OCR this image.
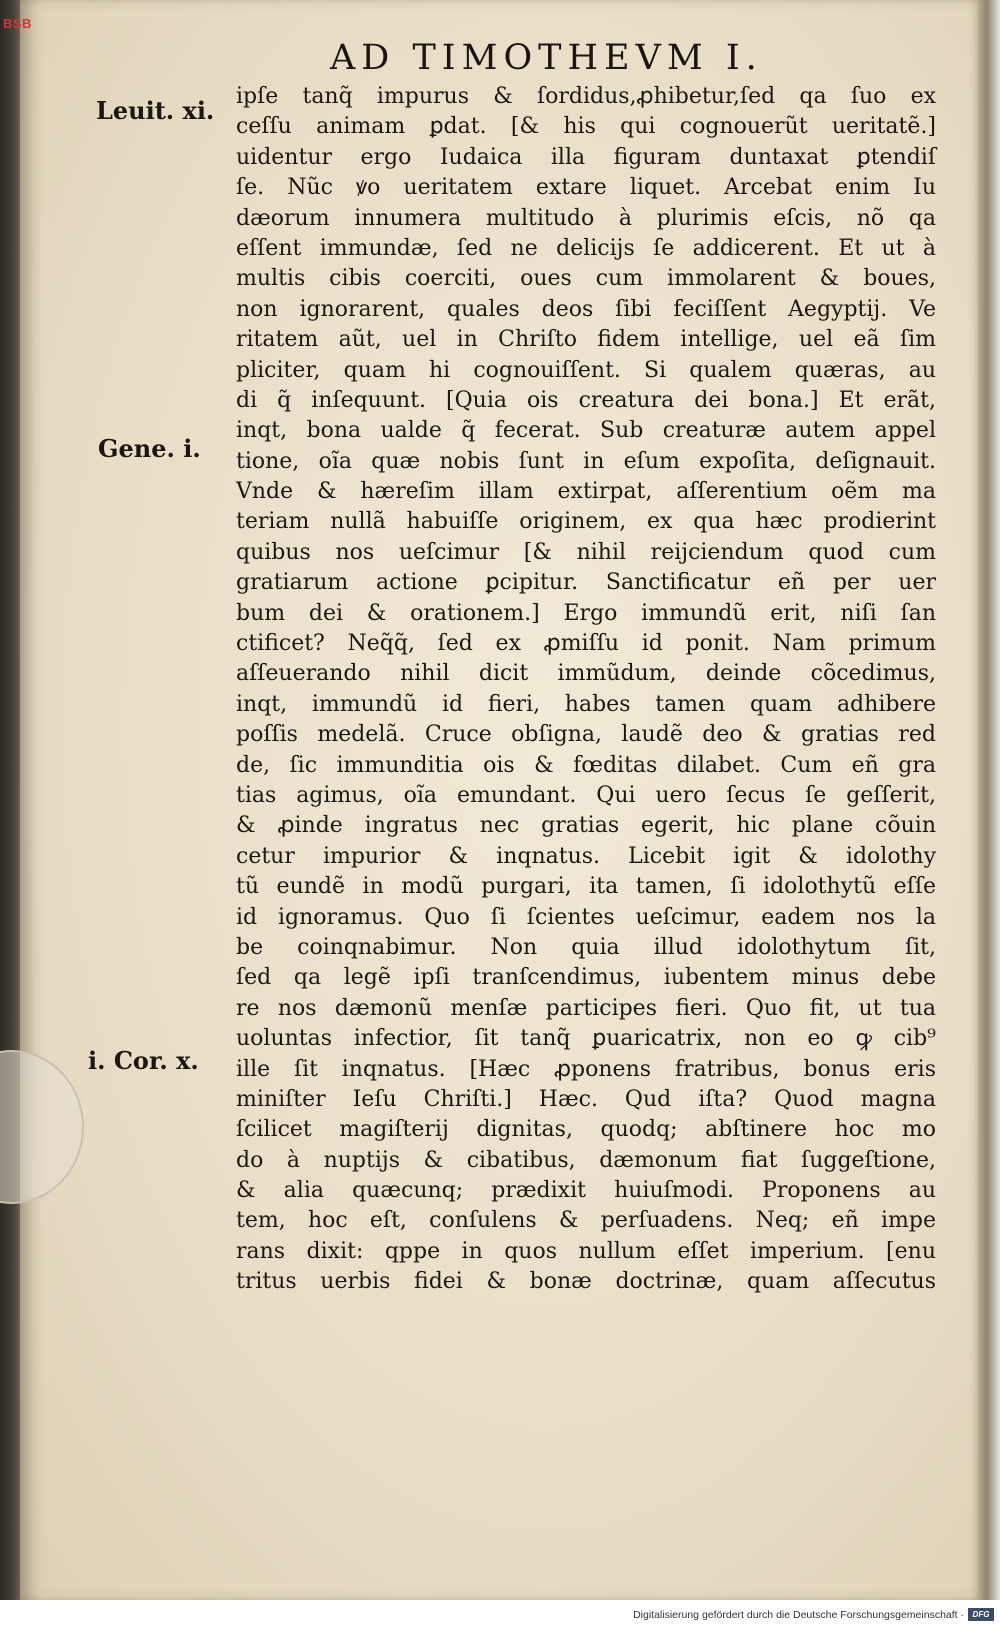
BSB
AD TIMOTHEVM I.
Leuit. xi.
Gene. i.
i. Cor. x.
ipſe tanq̃ impurus & ſordidus,ꝓhibetur,ſed qa ſuo ex
ceſſu animam ꝑdat. [& his qui cognouerũt ueritatẽ.]
uidentur ergo Iudaica illa figuram duntaxat ꝑtendiſ
ſe. Nũc ꝟo ueritatem extare liquet. Arcebat enim Iu
dæorum innumera multitudo à plurimis eſcis, nõ qa
eſſent immundæ, ſed ne delicijs ſe addicerent. Et ut à
multis cibis coerciti, oues cum immolarent & boues,
non ignorarent, quales deos ſibi feciſſent Aegyptij. Ve
ritatem aũt, uel in Chriſto fidem intellige, uel eã ſim
pliciter, quam hi cognouiſſent. Si qualem quæras, au
di q̃ inſequunt. [Quia ois creatura dei bona.] Et erãt,
inqt, bona ualde q̃ fecerat. Sub creaturæ autem appel
tione, oĩa quæ nobis ſunt in eſum expoſita, deſignauit.
Vnde & hæreſim illam extirpat, aſſerentium oẽm ma
teriam nullã habuiſſe originem, ex qua hæc prodierint
quibus nos ueſcimur [& nihil reijciendum quod cum
gratiarum actione ꝑcipitur. Sanctificatur eñ per uer
bum dei & orationem.] Ergo immundũ erit, niſi ſan
ctificet? Neq̃q̃, ſed ex ꝓmiſſu id ponit. Nam primum
aſſeuerando nihil dicit immũdum, deinde cõcedimus,
inqt, immundũ id fieri, habes tamen quam adhibere
poſſis medelã. Cruce obſigna, laudẽ deo & gratias red
de, ſic immunditia ois & fœditas dilabet. Cum eñ gra
tias agimus, oĩa emundant. Qui uero ſecus ſe geſſerit,
& ꝓinde ingratus nec gratias egerit, hic plane cõuin
cetur impurior & inqnatus. Licebit igit & idolothy
tũ eundẽ in modũ purgari, ita tamen, ſi idolothytũ eſſe
id ignoramus. Quo ſi ſcientes ueſcimur, eadem nos la
be coinqnabimur. Non quia illud idolothytum ſit,
ſed qa legẽ ipſi tranſcendimus, iubentem minus debe
re nos dæmonũ menſæ participes fieri. Quo fit, ut tua
uoluntas infectior, ſit tanq̃ ꝑuaricatrix, non eo ꝙ cib⁹
ille ſit inqnatus. [Hæc ꝓponens fratribus, bonus eris
miniſter Ieſu Chriſti.] Hæc. Qud iſta? Quod magna
ſcilicet magiſterij dignitas, quodq; abſtinere hoc mo
do à nuptijs & cibatibus, dæmonum fiat ſuggeſtione,
& alia quæcunq; prædixit huiuſmodi. Proponens au
tem, hoc eſt, conſulens & perſuadens. Neq; eñ impe
rans dixit: qppe in quos nullum eſſet imperium. [enu
tritus uerbis fidei & bonæ doctrinæ, quam aſſecutus
Digitalisierung gefördert durch die Deutsche Forschungsgemeinschaft ·	DFG
